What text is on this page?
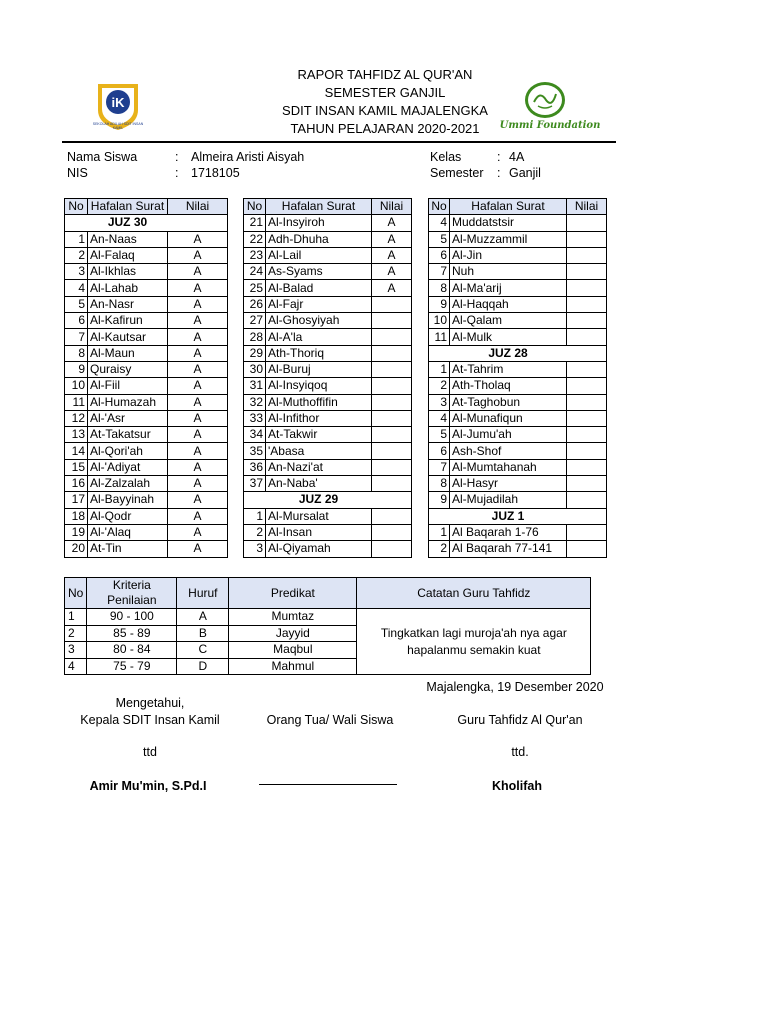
iK
SEKOLAH ADILAH SDIT INSAN KAMIL
RAPOR TAHFIDZ AL QUR'AN
SEMESTER GANJIL
SDIT INSAN KAMIL MAJALENGKA
TAHUN PELAJARAN 2020-2021	Ummi Foundation
Nama Siswa	: Almeira Aristi Aisyah
NIS	: 1718105
Kelas	: 4A
Semester : Ganjil
No	Hafalan Surat	Nilai
	JUZ 30	
1	An-Naas	A
2	Al-Falaq	A
3	Al-Ikhlas	A
4	Al-Lahab	A
5	An-Nasr	A
6	Al-Kafirun	A
7	Al-Kautsar	A
8	Al-Maun	A
9	Quraisy	A
10	Al-Fiil	A
11	Al-Humazah	A
12	Al-'Asr	A
13	At-Takatsur	A
14	Al-Qori'ah	A
15	Al-'Adiyat	A
16	Al-Zalzalah	A
17	Al-Bayyinah	A
18	Al-Qodr	A
19	Al-'Alaq	A
20	At-Tin	A
No	Hafalan Surat	Nilai
21	Al-Insyiroh	A
22	Adh-Dhuha	A
23	Al-Lail	A
24	As-Syams	A
25	Al-Balad	A
26	Al-Fajr	
27	Al-Ghosyiyah	
28	Al-A'la	
29	Ath-Thoriq	
30	Al-Buruj	
31	Al-Insyiqoq	
32	Al-Muthoffifin	
33	Al-Infithor	
34	At-Takwir	
35	'Abasa	
36	An-Nazi'at	
37	An-Naba'	
	JUZ 29	
1	Al-Mursalat	
2	Al-Insan	
3	Al-Qiyamah	
No	Hafalan Surat	Nilai
4	Muddatstsir	
5	Al-Muzzammil	
6	Al-Jin	
7	Nuh	
8	Al-Ma'arij	
9	Al-Haqqah	
10	Al-Qalam	
11	Al-Mulk	
	JUZ 28	
1	At-Tahrim	
2	Ath-Tholaq	
3	At-Taghobun	
4	Al-Munafiqun	
5	Al-Jumu'ah	
6	Ash-Shof	
7	Al-Mumtahanah	
8	Al-Hasyr	
9	Al-Mujadilah	
	JUZ 1	
1	Al Baqarah 1-76	
2	Al Baqarah 77-141	
No	Kriteria Penilaian	Huruf	Predikat	Catatan Guru Tahfidz
1	90 - 100	A	Mumtaz	Tingkatkan lagi muroja'ah nya agar
hapalanmu semakin kuat

2	85 - 89	B	Jayyid	
3	80 - 84	C	Maqbul	
4	75 - 79	D	Mahmul	
Majalengka, 19 Desember 2020
Mengetahui,
Kepala SDIT Insan Kamil	Orang Tua/ Wali Siswa	Guru Tahfidz Al Qur'an
ttd	ttd.
Amir Mu'min, S.Pd.I	Kholifah
